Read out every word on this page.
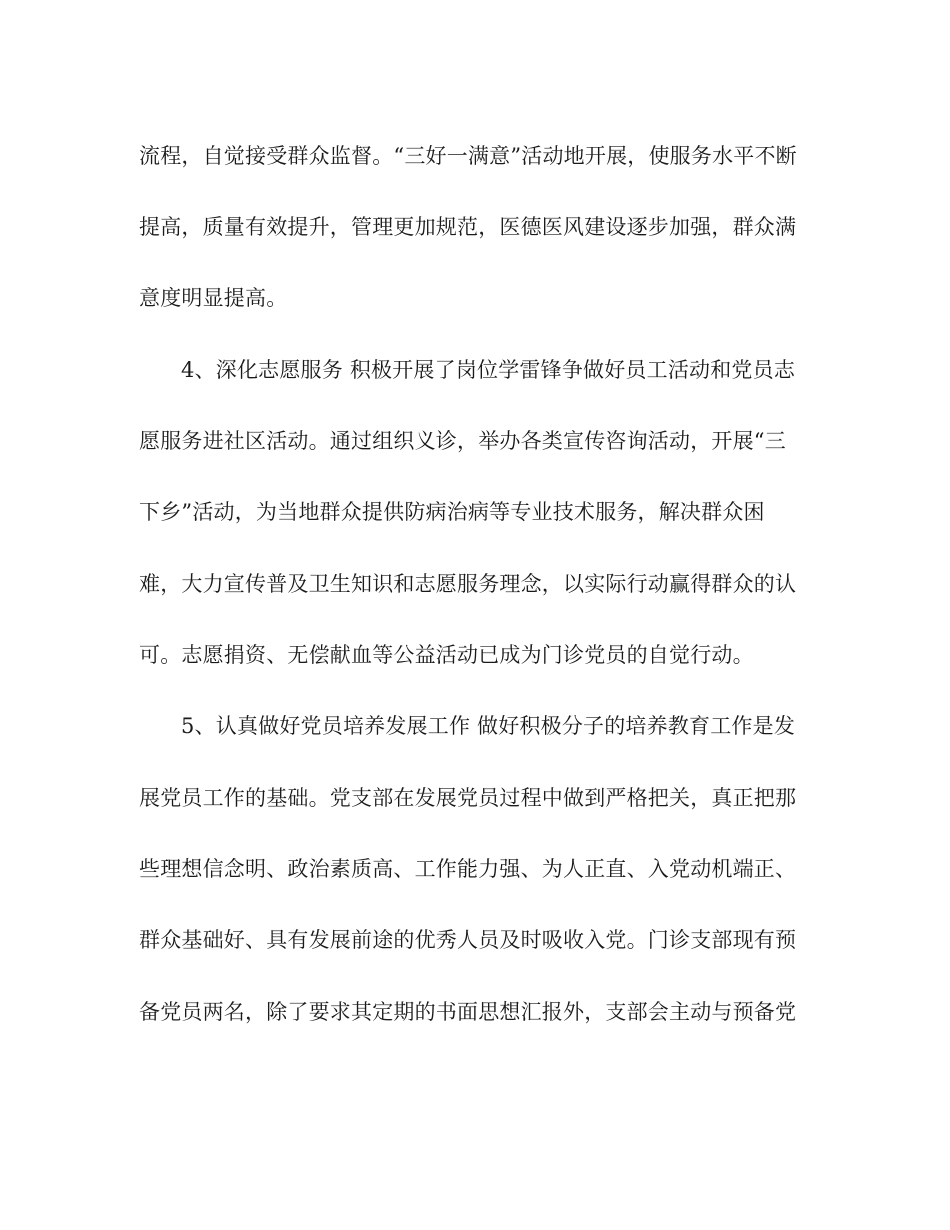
流程，自觉接受群众监督。“三好一满意”活动地开展，使服务水平不断
提高，质量有效提升，管理更加规范，医德医风建设逐步加强，群众满
意度明显提高。
4、深化志愿服务 积极开展了岗位学雷锋争做好员工活动和党员志
愿服务进社区活动。通过组织义诊，举办各类宣传咨询活动，开展“三
下乡”活动，为当地群众提供防病治病等专业技术服务，解决群众困
难，大力宣传普及卫生知识和志愿服务理念，以实际行动赢得群众的认
可。志愿捐资、无偿献血等公益活动已成为门诊党员的自觉行动。
5、认真做好党员培养发展工作 做好积极分子的培养教育工作是发
展党员工作的基础。党支部在发展党员过程中做到严格把关，真正把那
些理想信念明、政治素质高、工作能力强、为人正直、入党动机端正、
群众基础好、具有发展前途的优秀人员及时吸收入党。门诊支部现有预
备党员两名，除了要求其定期的书面思想汇报外，支部会主动与预备党
